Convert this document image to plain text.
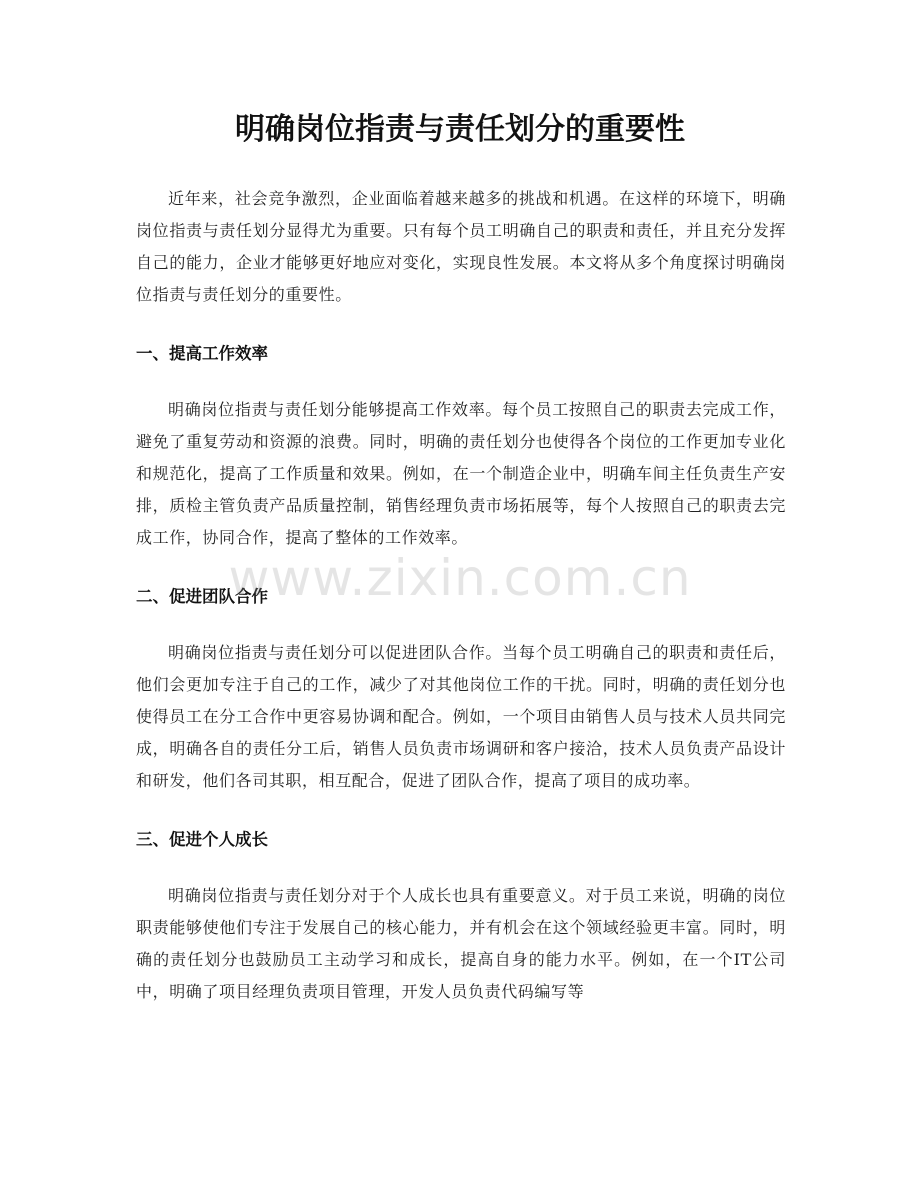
明确岗位指责与责任划分的重要性

近年来，社会竞争激烈，企业面临着越来越多的挑战和机遇。在这样的环境下，明确岗位指责与责任划分显得尤为重要。只有每个员工明确自己的职责和责任，并且充分发挥自己的能力，企业才能够更好地应对变化，实现良性发展。本文将从多个角度探讨明确岗位指责与责任划分的重要性。

一、提高工作效率

明确岗位指责与责任划分能够提高工作效率。每个员工按照自己的职责去完成工作，避免了重复劳动和资源的浪费。同时，明确的责任划分也使得各个岗位的工作更加专业化和规范化，提高了工作质量和效果。例如，在一个制造企业中，明确车间主任负责生产安排，质检主管负责产品质量控制，销售经理负责市场拓展等，每个人按照自己的职责去完成工作，协同合作，提高了整体的工作效率。

二、促进团队合作

明确岗位指责与责任划分可以促进团队合作。当每个员工明确自己的职责和责任后，他们会更加专注于自己的工作，减少了对其他岗位工作的干扰。同时，明确的责任划分也使得员工在分工合作中更容易协调和配合。例如，一个项目由销售人员与技术人员共同完成，明确各自的责任分工后，销售人员负责市场调研和客户接洽，技术人员负责产品设计和研发，他们各司其职，相互配合，促进了团队合作，提高了项目的成功率。

三、促进个人成长

明确岗位指责与责任划分对于个人成长也具有重要意义。对于员工来说，明确的岗位职责能够使他们专注于发展自己的核心能力，并有机会在这个领域经验更丰富。同时，明确的责任划分也鼓励员工主动学习和成长，提高自身的能力水平。例如，在一个IT公司中，明确了项目经理负责项目管理，开发人员负责代码编写等

www.zixin.com.cn
